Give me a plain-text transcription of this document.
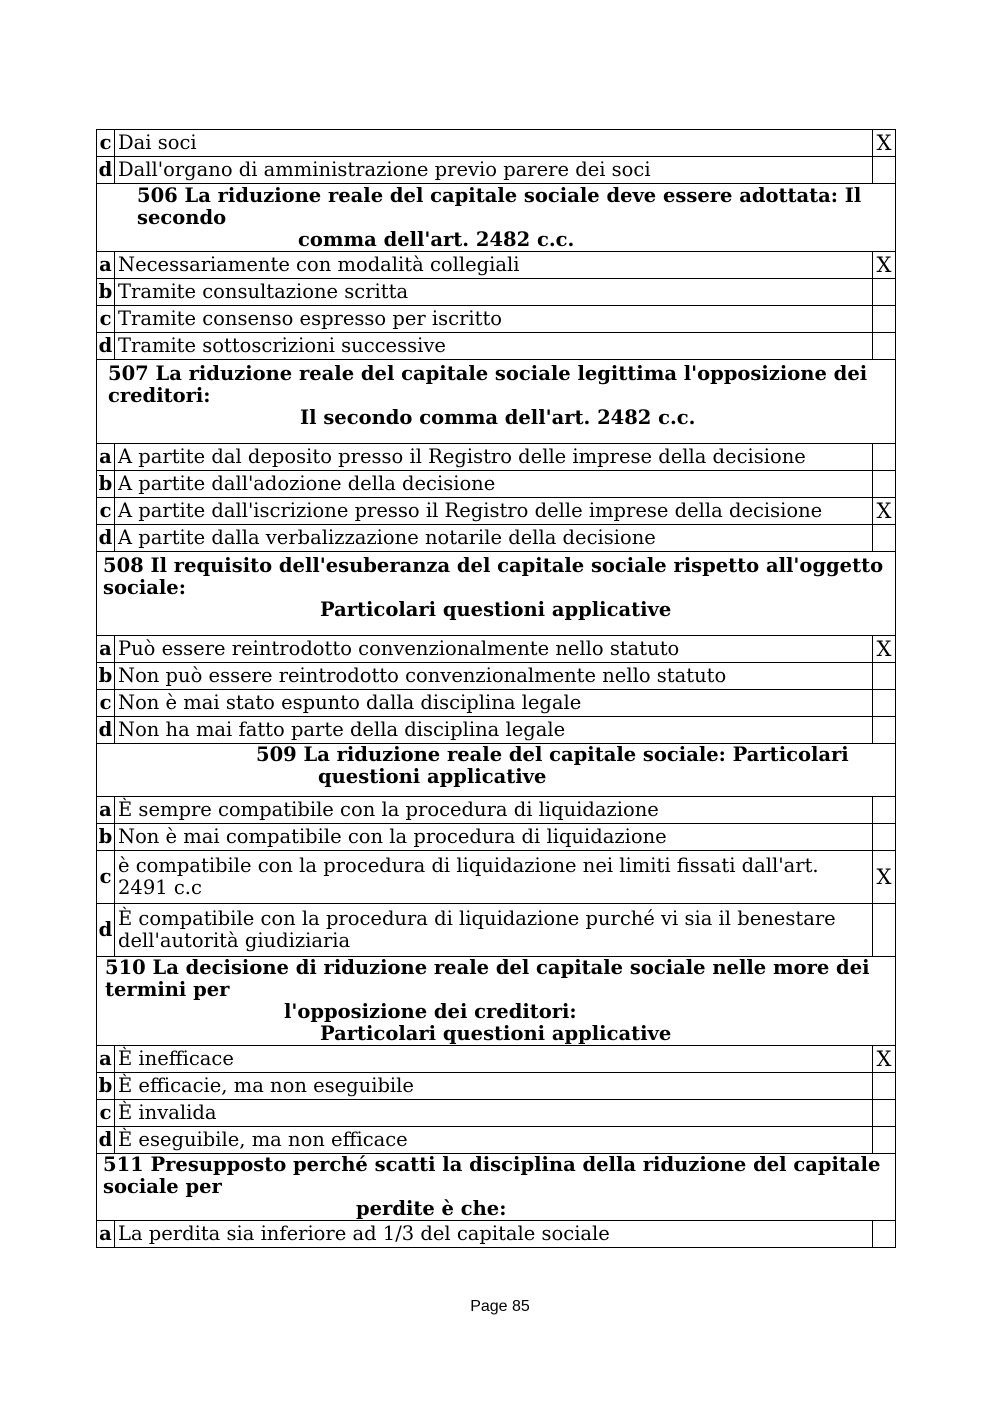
c	Dai soci	X
d	Dall'organo di amministrazione previo parere dei soci	

506 La riduzione reale del capitale sociale deve essere adottata: Il secondo
comma dell'art. 2482 c.c.		

a	Necessariamente con modalità collegiali	X
b	Tramite consultazione scritta	
c	Tramite consenso espresso per iscritto	
d	Tramite sottoscrizioni successive	

507 La riduzione reale del capitale sociale legittima l'opposizione dei creditori:
Il secondo comma dell'art. 2482 c.c.		

a	A partite dal deposito presso il Registro delle imprese della decisione	
b	A partite dall'adozione della decisione	
c	A partite dall'iscrizione presso il Registro delle imprese della decisione	X
d	A partite dalla verbalizzazione notarile della decisione	

508 Il requisito dell'esuberanza del capitale sociale rispetto all'oggetto sociale:
Particolari questioni applicative		

a	Può essere reintrodotto convenzionalmente nello statuto	X
b	Non può essere reintrodotto convenzionalmente nello statuto	
c	Non è mai stato espunto dalla disciplina legale	
d	Non ha mai fatto parte della disciplina legale	

509 La riduzione reale del capitale sociale: Particolari
questioni applicative		

a	È sempre compatibile con la procedura di liquidazione	
b	Non è mai compatibile con la procedura di liquidazione	
c	è compatibile con la procedura di liquidazione nei limiti fissati dall'art.
2491 c.c	X
d	È compatibile con la procedura di liquidazione purché vi sia il benestare
dell'autorità giudiziaria	

510 La decisione di riduzione reale del capitale sociale nelle more dei termini per
l'opposizione dei creditori:
Particolari questioni applicative		

a	È inefficace	X
b	È efficacie, ma non eseguibile	
c	È invalida	
d	È eseguibile, ma non efficace	

511 Presupposto perché scatti la disciplina della riduzione del capitale sociale per
perdite è che:		

a	La perdita sia inferiore ad 1/3 del capitale sociale	
Page 85
